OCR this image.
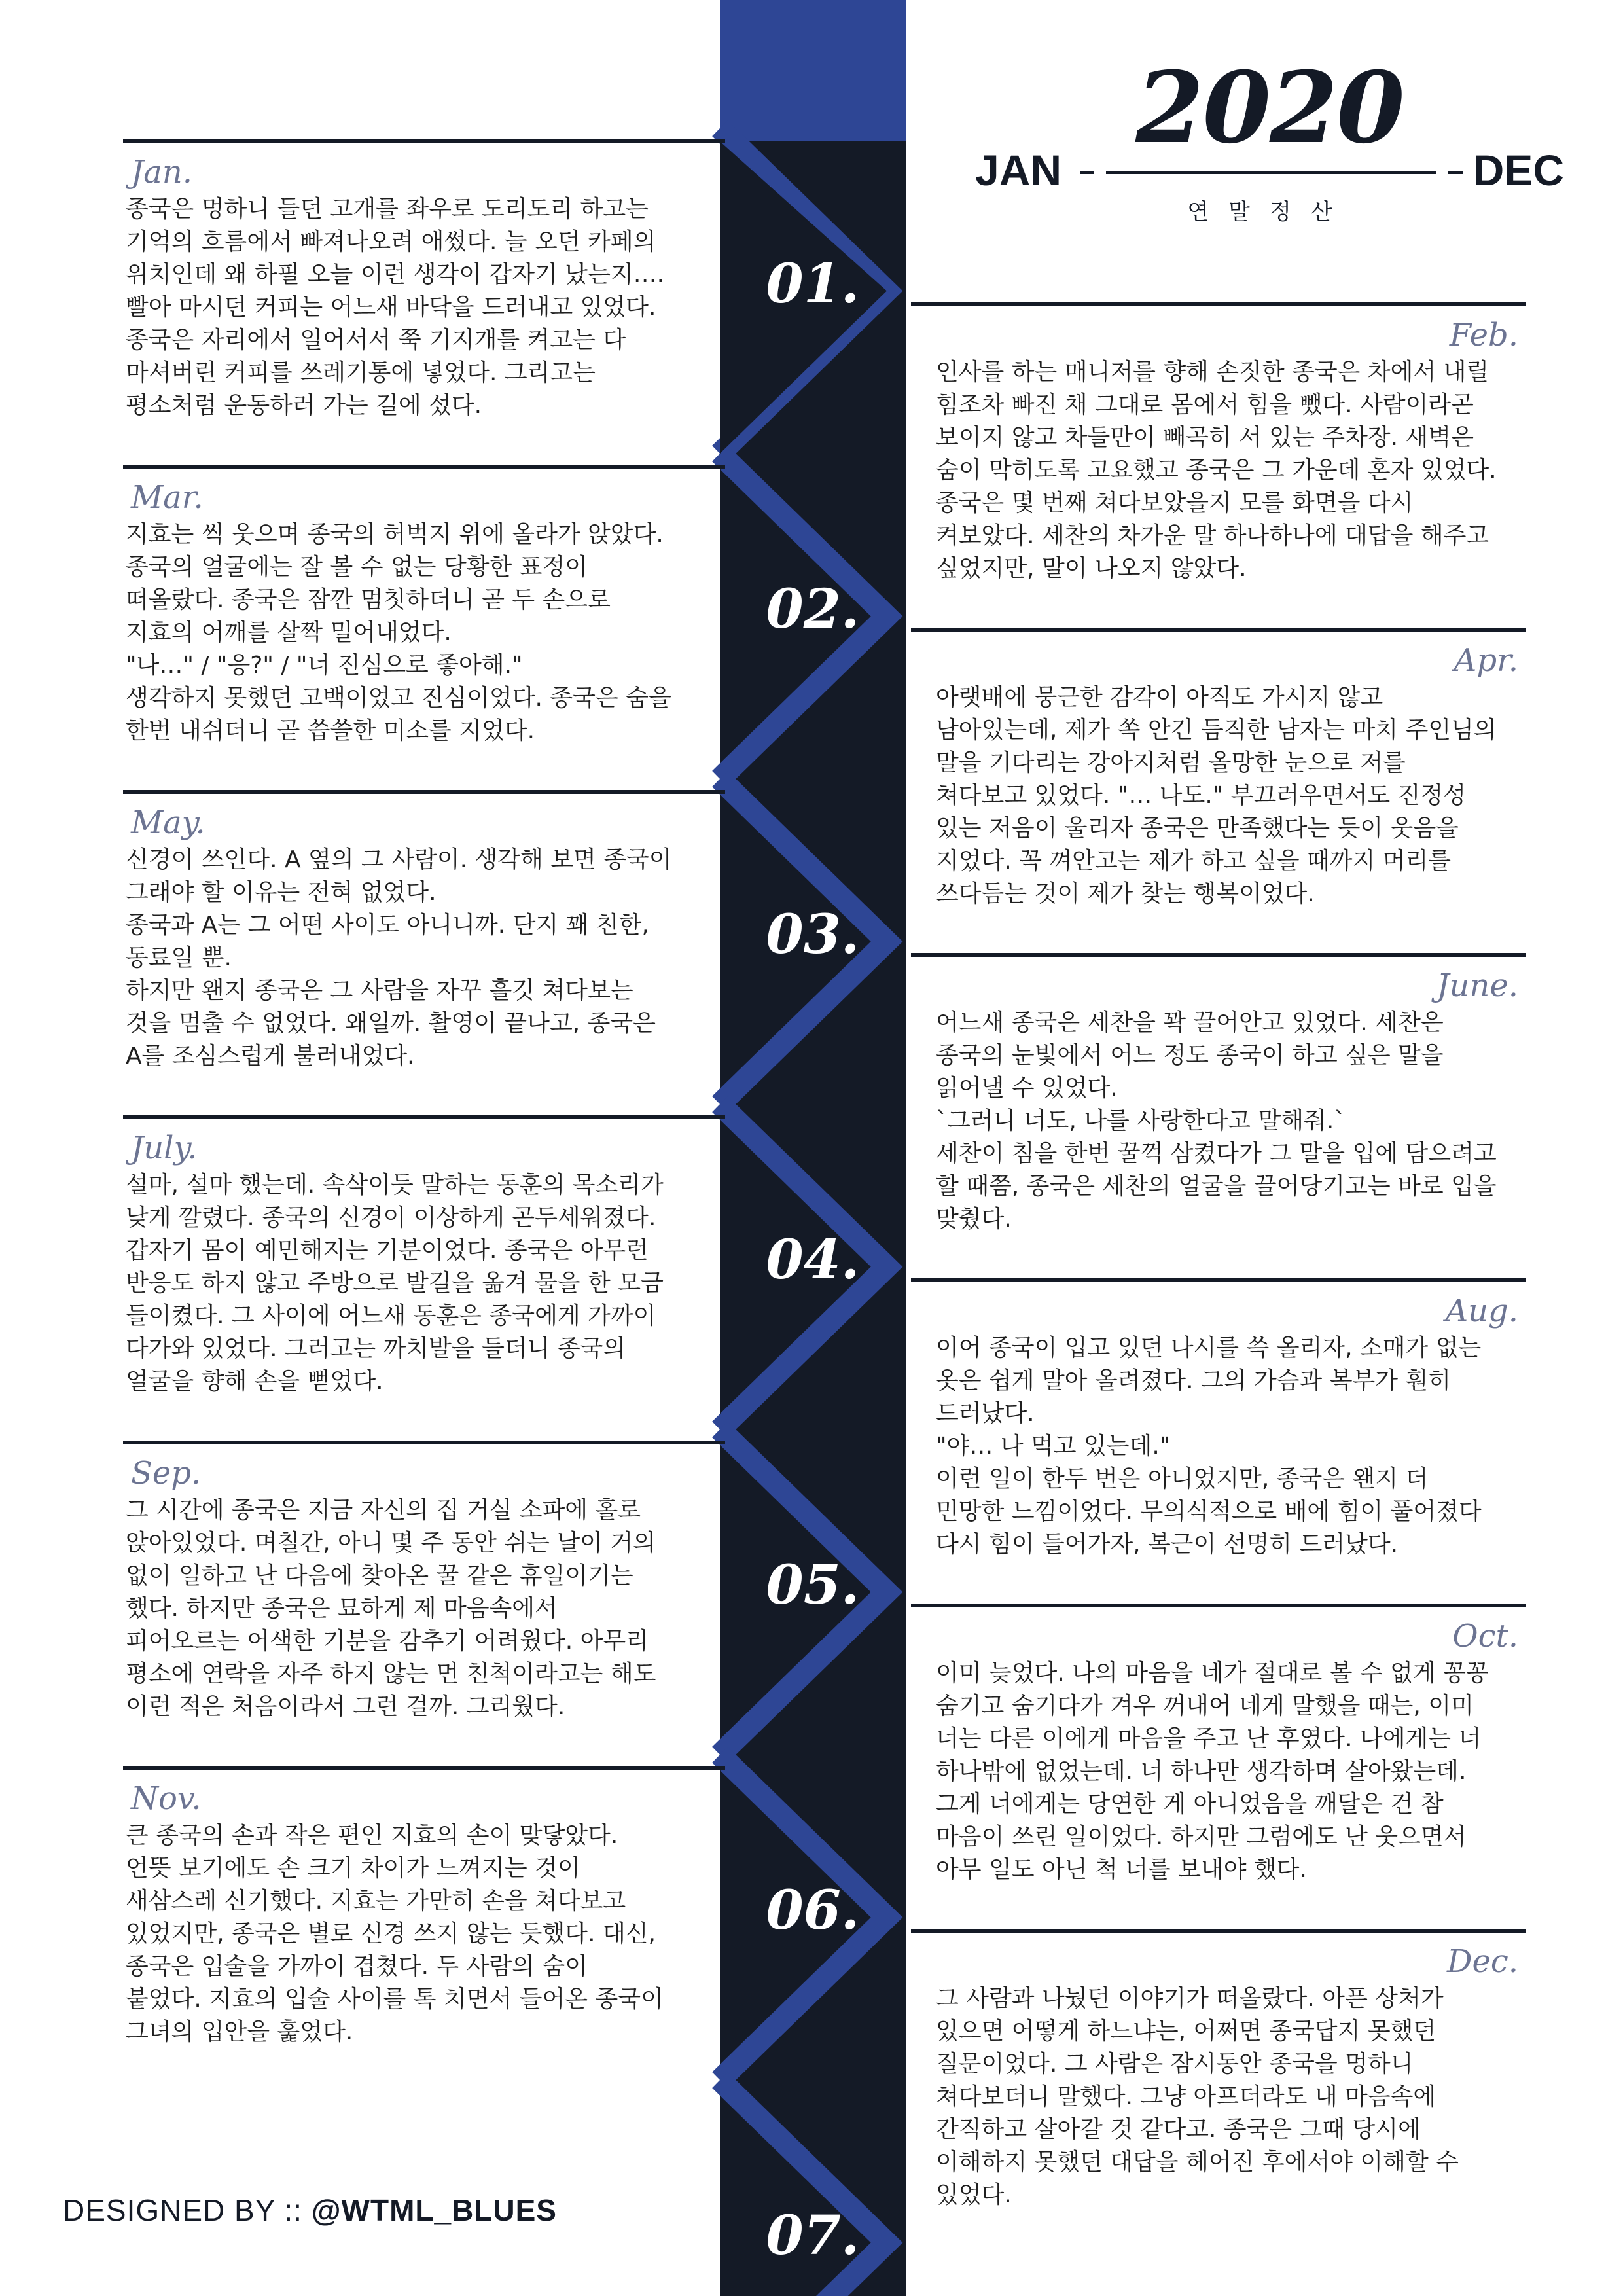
01.
02.
03.
04.
05.
06.
07.
2020
JAN	DEC
연말정산
Jan.
종국은 멍하니 들던 고개를 좌우로 도리도리 하고는
기억의 흐름에서 빠져나오려 애썼다. 늘 오던 카페의
위치인데 왜 하필 오늘 이런 생각이 갑자기 났는지….
빨아 마시던 커피는 어느새 바닥을 드러내고 있었다.
종국은 자리에서 일어서서 쭉 기지개를 켜고는 다
마셔버린 커피를 쓰레기통에 넣었다. 그리고는
평소처럼 운동하러 가는 길에 섰다.
Feb.
인사를 하는 매니저를 향해 손짓한 종국은 차에서 내릴
힘조차 빠진 채 그대로 몸에서 힘을 뺐다. 사람이라곤
보이지 않고 차들만이 빼곡히 서 있는 주차장. 새벽은
숨이 막히도록 고요했고 종국은 그 가운데 혼자 있었다.
종국은 몇 번째 쳐다보았을지 모를 화면을 다시
켜보았다. 세찬의 차가운 말 하나하나에 대답을 해주고
싶었지만, 말이 나오지 않았다.
Mar.
지효는 씩 웃으며 종국의 허벅지 위에 올라가 앉았다.
종국의 얼굴에는 잘 볼 수 없는 당황한 표정이
떠올랐다. 종국은 잠깐 멈칫하더니 곧 두 손으로
지효의 어깨를 살짝 밀어내었다.
"나…" / "응?" / "너 진심으로 좋아해."
생각하지 못했던 고백이었고 진심이었다. 종국은 숨을
한번 내쉬더니 곧 씁쓸한 미소를 지었다.
Apr.
아랫배에 뭉근한 감각이 아직도 가시지 않고
남아있는데, 제가 쏙 안긴 듬직한 남자는 마치 주인님의
말을 기다리는 강아지처럼 올망한 눈으로 저를
쳐다보고 있었다. "… 나도." 부끄러우면서도 진정성
있는 저음이 울리자 종국은 만족했다는 듯이 웃음을
지었다. 꼭 껴안고는 제가 하고 싶을 때까지 머리를
쓰다듬는 것이 제가 찾는 행복이었다.
May.
신경이 쓰인다. A 옆의 그 사람이. 생각해 보면 종국이
그래야 할 이유는 전혀 없었다.
종국과 A는 그 어떤 사이도 아니니까. 단지 꽤 친한,
동료일 뿐.
하지만 왠지 종국은 그 사람을 자꾸 흘깃 쳐다보는
것을 멈출 수 없었다. 왜일까. 촬영이 끝나고, 종국은
A를 조심스럽게 불러내었다.
June.
어느새 종국은 세찬을 꽉 끌어안고 있었다. 세찬은
종국의 눈빛에서 어느 정도 종국이 하고 싶은 말을
읽어낼 수 있었다.
`그러니 너도, 나를 사랑한다고 말해줘.`
세찬이 침을 한번 꿀꺽 삼켰다가 그 말을 입에 담으려고
할 때쯤, 종국은 세찬의 얼굴을 끌어당기고는 바로 입을
맞췄다.
July.
설마, 설마 했는데. 속삭이듯 말하는 동훈의 목소리가
낮게 깔렸다. 종국의 신경이 이상하게 곤두세워졌다.
갑자기 몸이 예민해지는 기분이었다. 종국은 아무런
반응도 하지 않고 주방으로 발길을 옮겨 물을 한 모금
들이켰다. 그 사이에 어느새 동훈은 종국에게 가까이
다가와 있었다. 그러고는 까치발을 들더니 종국의
얼굴을 향해 손을 뻗었다.
Aug.
이어 종국이 입고 있던 나시를 쓱 올리자, 소매가 없는
옷은 쉽게 말아 올려졌다. 그의 가슴과 복부가 훤히
드러났다.
"야… 나 먹고 있는데."
이런 일이 한두 번은 아니었지만, 종국은 왠지 더
민망한 느낌이었다. 무의식적으로 배에 힘이 풀어졌다
다시 힘이 들어가자, 복근이 선명히 드러났다.
Sep.
그 시간에 종국은 지금 자신의 집 거실 소파에 홀로
앉아있었다. 며칠간, 아니 몇 주 동안 쉬는 날이 거의
없이 일하고 난 다음에 찾아온 꿀 같은 휴일이기는
했다. 하지만 종국은 묘하게 제 마음속에서
피어오르는 어색한 기분을 감추기 어려웠다. 아무리
평소에 연락을 자주 하지 않는 먼 친척이라고는 해도
이런 적은 처음이라서 그런 걸까. 그리웠다.
Oct.
이미 늦었다. 나의 마음을 네가 절대로 볼 수 없게 꽁꽁
숨기고 숨기다가 겨우 꺼내어 네게 말했을 때는, 이미
너는 다른 이에게 마음을 주고 난 후였다. 나에게는 너
하나밖에 없었는데. 너 하나만 생각하며 살아왔는데.
그게 너에게는 당연한 게 아니었음을 깨달은 건 참
마음이 쓰린 일이었다. 하지만 그럼에도 난 웃으면서
아무 일도 아닌 척 너를 보내야 했다.
Nov.
큰 종국의 손과 작은 편인 지효의 손이 맞닿았다.
언뜻 보기에도 손 크기 차이가 느껴지는 것이
새삼스레 신기했다. 지효는 가만히 손을 쳐다보고
있었지만, 종국은 별로 신경 쓰지 않는 듯했다. 대신,
종국은 입술을 가까이 겹쳤다. 두 사람의 숨이
붙었다. 지효의 입술 사이를 톡 치면서 들어온 종국이
그녀의 입안을 훑었다.
Dec.
그 사람과 나눴던 이야기가 떠올랐다. 아픈 상처가
있으면 어떻게 하느냐는, 어쩌면 종국답지 못했던
질문이었다. 그 사람은 잠시동안 종국을 멍하니
쳐다보더니 말했다. 그냥 아프더라도 내 마음속에
간직하고 살아갈 것 같다고. 종국은 그때 당시에
이해하지 못했던 대답을 헤어진 후에서야 이해할 수
있었다.
DESIGNED BY :: @WTML_BLUES
